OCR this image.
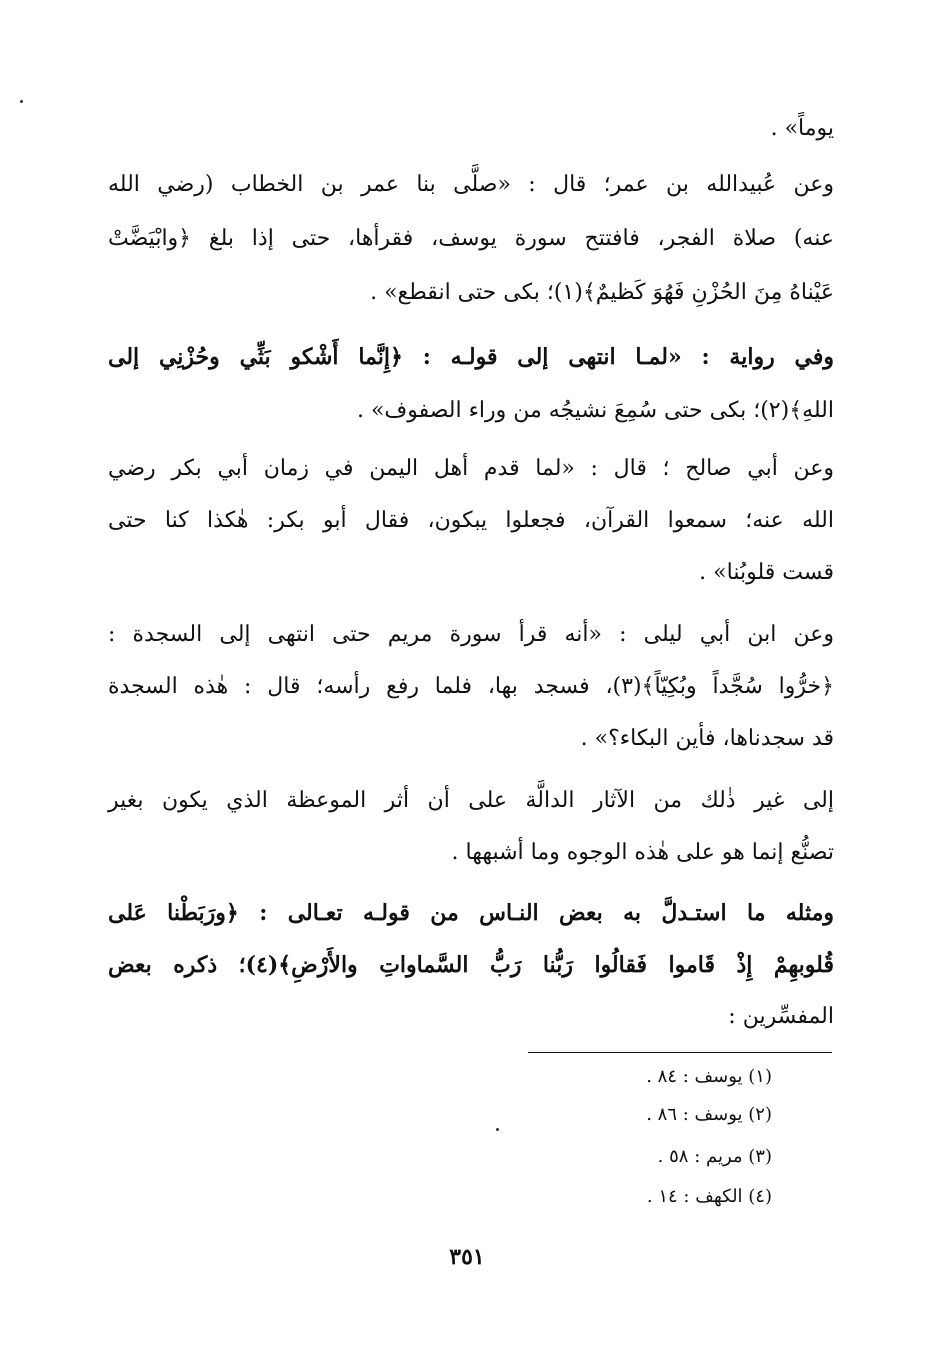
يوماً» .
وعن عُبيدالله بن عمر؛ قال : «صلَّى بنا عمر بن الخطاب (رضي الله
عنه) صلاة الفجر، فافتتح سورة يوسف، فقرأها، حتى إذا بلغ ﴿وابْيَضَّتْ
عَيْناهُ مِنَ الحُزْنِ فَهُوَ كَظيمٌ﴾(١)؛ بكى حتى انقطع» .
وفي رواية : «لمـا انتهى إلى قولـه : ﴿إِنَّما أَشْكو بَثِّي وحُزْنِي إلى
اللهِ﴾(٢)؛ بكى حتى سُمِعَ نشيجُه من وراء الصفوف» .
وعن أبي صالح ؛ قال : «لما قدم أهل اليمن في زمان أبي بكر رضي
الله عنه؛ سمعوا القرآن، فجعلوا يبكون، فقال أبو بكر: هٰكذا كنا حتى
قست قلوبُنا» .
وعن ابن أبي ليلى : «أنه قرأ سورة مريم حتى انتهى إلى السجدة :
﴿خرُّوا سُجَّداً وبُكِيّاً﴾(٣)، فسجد بها، فلما رفع رأسه؛ قال : هٰذه السجدة
قد سجدناها، فأين البكاء؟» .
إلى غير ذٰلك من الآثار الدالَّة على أن أثر الموعظة الذي يكون بغير
تصنُّع إنما هو على هٰذه الوجوه وما أشبهها .
ومثله ما استـدلَّ به بعض النـاس من قولـه تعـالى : ﴿ورَبَطْنا عَلى
قُلوبهِمْ إِذْ قَاموا فَقالُوا رَبُّنا رَبُّ السَّماواتِ والأَرْضِ﴾(٤)؛ ذكره بعض
المفسِّرين :
(١) يوسف : ٨٤ .
(٢) يوسف : ٨٦ .
(٣) مريم : ٥٨ .
(٤) الكهف : ١٤ .
٣٥١
